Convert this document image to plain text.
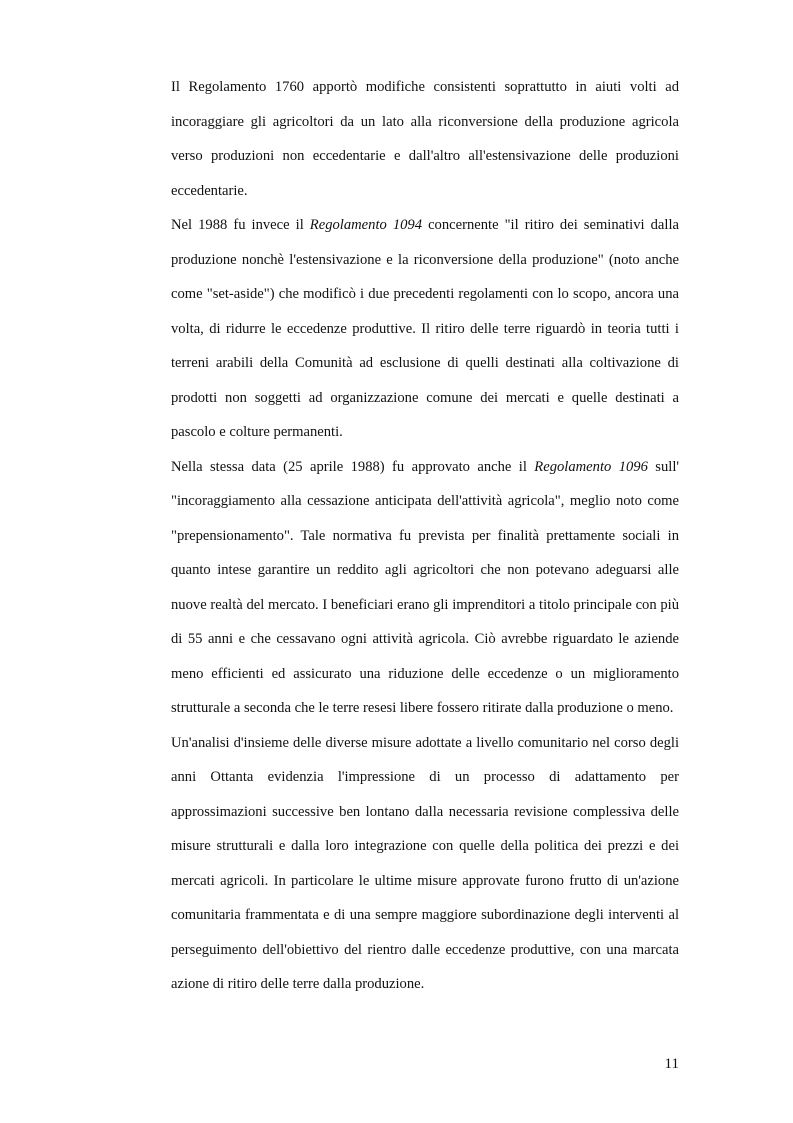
Il Regolamento 1760 apportò modifiche consistenti soprattutto in aiuti volti ad incoraggiare gli agricoltori da un lato alla riconversione della produzione agricola verso produzioni non eccedentarie e dall'altro all'estensivazione delle produzioni eccedentarie.

Nel 1988 fu invece il Regolamento 1094 concernente "il ritiro dei seminativi dalla produzione nonchè l'estensivazione e la riconversione della produzione" (noto anche come "set-aside") che modificò i due precedenti regolamenti con lo scopo, ancora una volta, di ridurre le eccedenze produttive. Il ritiro delle terre riguardò in teoria tutti i terreni arabili della Comunità ad esclusione di quelli destinati alla coltivazione di prodotti non soggetti ad organizzazione comune dei mercati e quelle destinati a pascolo e colture permanenti.

Nella stessa data (25 aprile 1988) fu approvato anche il Regolamento 1096 sull' "incoraggiamento alla cessazione anticipata dell'attività agricola", meglio noto come "prepensionamento". Tale normativa fu prevista per finalità prettamente sociali in quanto intese garantire un reddito agli agricoltori che non potevano adeguarsi alle nuove realtà del mercato. I beneficiari erano gli imprenditori a titolo principale con più di 55 anni e che cessavano ogni attività agricola. Ciò avrebbe riguardato le aziende meno efficienti ed assicurato una riduzione delle eccedenze o un miglioramento strutturale a seconda che le terre resesi libere fossero ritirate dalla produzione o meno.

Un'analisi d'insieme delle diverse misure adottate a livello comunitario nel corso degli anni Ottanta evidenzia l'impressione di un processo di adattamento per approssimazioni successive ben lontano dalla necessaria revisione complessiva delle misure strutturali e dalla loro integrazione con quelle della politica dei prezzi e dei mercati agricoli. In particolare le ultime misure approvate furono frutto di un'azione comunitaria frammentata e di una sempre maggiore subordinazione degli interventi al perseguimento dell'obiettivo del rientro dalle eccedenze produttive, con una marcata azione di ritiro delle terre dalla produzione.

11
